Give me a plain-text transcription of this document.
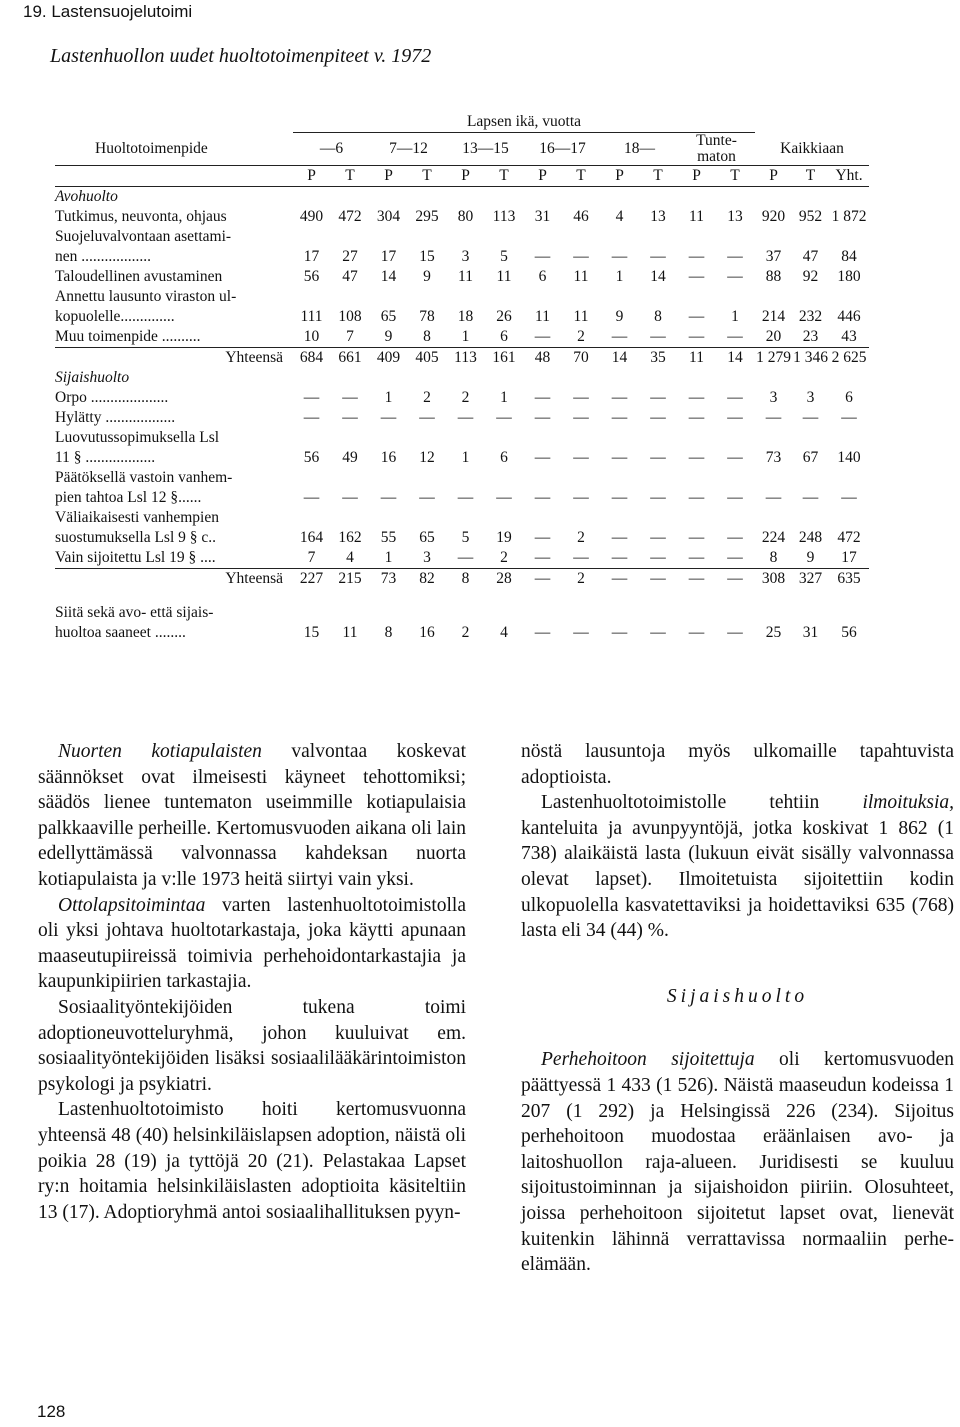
19. Lastensuojelutoimi
Lastenhuollon uudet huoltotoimenpiteet v. 1972
	Lapsen ikä, vuotta														
Huoltotoimenpide	—6		7—12		13—15		16—17		18—		Tunte-maton		Kaikkiaan		
	P	T	P	T	P	T	P	T	P	T	P	T	P	T	Yht.
Avohuolto															
Tutkimus, neuvonta, ohjaus	490	472	304	295	80	113	31	46	4	13	11	13	920	952	1 872
Suojeluvalvontaan asettami-															
nen ..................	17	27	17	15	3	5	—	—	—	—	—	—	37	47	84
Taloudellinen avustaminen	56	47	14	9	11	11	6	11	1	14	—	—	88	92	180
Annettu lausunto viraston ul-															
kopuolelle..............	111	108	65	78	18	26	11	11	9	8	—	1	214	232	446
Muu toimenpide ..........	10	7	9	8	1	6	—	2	—	—	—	—	20	23	43
Yhteensä	684	661	409	405	113	161	48	70	14	35	11	14	1 279	1 346	2 625
Sijaishuolto															
Orpo ....................	—	—	1	2	2	1	—	—	—	—	—	—	3	3	6
Hylätty ..................	—	—	—	—	—	—	—	—	—	—	—	—	—	—	—
Luovutussopimuksella Lsl															
11 § ..................	56	49	16	12	1	6	—	—	—	—	—	—	73	67	140
Päätöksellä vastoin vanhem-															
pien tahtoa Lsl 12 §......	—	—	—	—	—	—	—	—	—	—	—	—	—	—	—
Väliaikaisesti vanhempien															
suostumuksella Lsl 9 § c..	164	162	55	65	5	19	—	2	—	—	—	—	224	248	472
Vain sijoitettu Lsl 19 § ....	7	4	1	3	—	2	—	—	—	—	—	—	8	9	17
Yhteensä	227	215	73	82	8	28	—	2	—	—	—	—	308	327	635

Siitä sekä avo- että sijais-															
huoltoa saaneet ........	15	11	8	16	2	4	—	—	—	—	—	—	25	31	56

Nuorten kotiapulaisten valvontaa koskevat säännökset ovat ilmeisesti käyneet tehottomiksi; säädös lienee tuntematon useimmille kotiapulaisia palkkaaville perheille. Kertomusvuoden aikana oli lain edellyttämässä valvonnassa kahdeksan nuorta kotiapulaista ja v:lle 1973 heitä siirtyi vain yksi.

Ottolapsitoimintaa varten lastenhuoltotoimistolla oli yksi johtava huoltotarkastaja, joka käytti apunaan maaseutupiireissä toimivia perhehoidontarkastajia ja kaupunkipiirien tarkastajia.

Sosiaalityöntekijöiden tukena toimi adoptioneuvotteluryhmä, johon kuuluivat em. sosiaalityöntekijöiden lisäksi sosiaalilääkärintoimiston psykologi ja psykiatri.

Lastenhuoltotoimisto hoiti kertomusvuonna yhteensä 48 (40) helsinkiläislapsen adoption, näistä oli poikia 28 (19) ja tyttöjä 20 (21). Pelastakaa Lapset ry:n hoitamia helsinkiläislasten adoptioita käsiteltiin 13 (17). Adoptioryhmä antoi sosiaalihallituksen pyyn-

nöstä lausuntoja myös ulkomaille tapahtuvista adoptioista.

Lastenhuoltotoimistolle tehtiin ilmoituksia, kanteluita ja avunpyyntöjä, jotka koskivat 1 862 (1 738) alaikäistä lasta (lukuun eivät sisälly valvonnassa olevat lapset). Ilmoitetuista sijoitettiin kodin ulkopuolella kasvatettaviksi ja hoidettaviksi 635 (768) lasta eli 34 (44) %.

Sijaishuolto

Perhehoitoon sijoitettuja oli kertomusvuoden päättyessä 1 433 (1 526). Näistä maaseudun kodeissa 1 207 (1 292) ja Helsingissä 226 (234). Sijoitus perhehoitoon muodostaa eräänlaisen avo- ja laitoshuollon raja-alueen. Juridisesti se kuuluu sijoitustoiminnan ja sijaishoidon piiriin. Olosuhteet, joissa perhehoitoon sijoitetut lapset ovat, lienevät kuitenkin lähinnä verrattavissa normaaliin perhe-elämään.

128
